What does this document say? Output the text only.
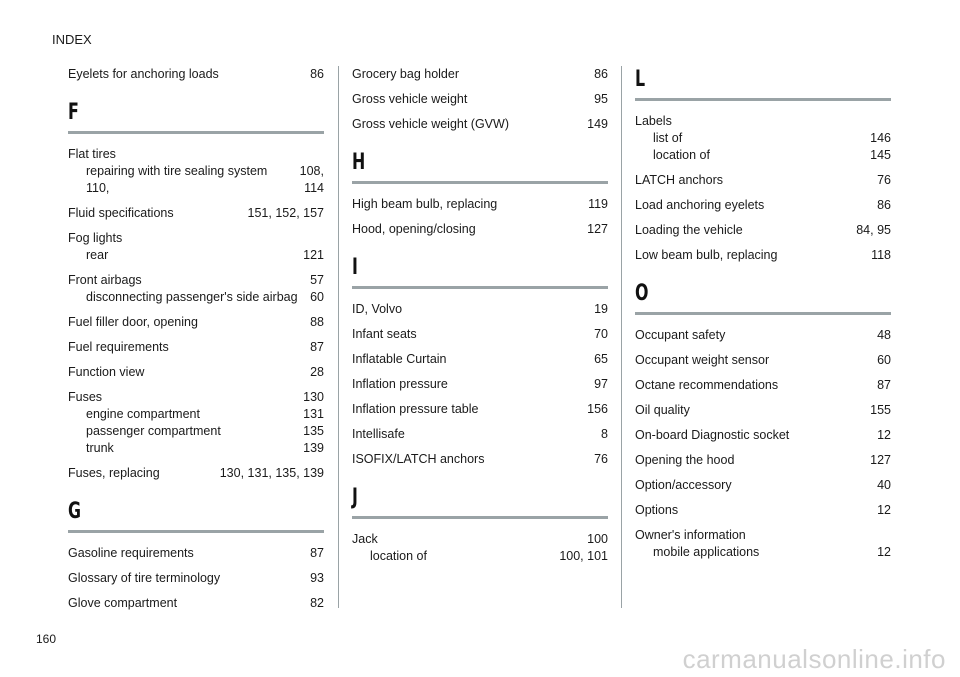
INDEX
Eyelets for anchoring loads	86
F
Flat tires
repairing with tire sealing system	108,
110,	114
Fluid specifications	151, 152, 157
Fog lights
rear	121
Front airbags	57
disconnecting passenger's side airbag	60
Fuel filler door, opening	88
Fuel requirements	87
Function view	28
Fuses	130
engine compartment	131
passenger compartment	135
trunk	139
Fuses, replacing	130, 131, 135, 139
G
Gasoline requirements	87
Glossary of tire terminology	93
Glove compartment	82
Grocery bag holder	86
Gross vehicle weight	95
Gross vehicle weight (GVW)	149
H
High beam bulb, replacing	119
Hood, opening/closing	127
I
ID, Volvo	19
Infant seats	70
Inflatable Curtain	65
Inflation pressure	97
Inflation pressure table	156
Intellisafe	8
ISOFIX/LATCH anchors	76
J
Jack	100
location of	100, 101
L
Labels
list of	146
location of	145
LATCH anchors	76
Load anchoring eyelets	86
Loading the vehicle	84, 95
Low beam bulb, replacing	118
O
Occupant safety	48
Occupant weight sensor	60
Octane recommendations	87
Oil quality	155
On-board Diagnostic socket	12
Opening the hood	127
Option/accessory	40
Options	12
Owner's information
mobile applications	12
160
carmanualsonline.info
